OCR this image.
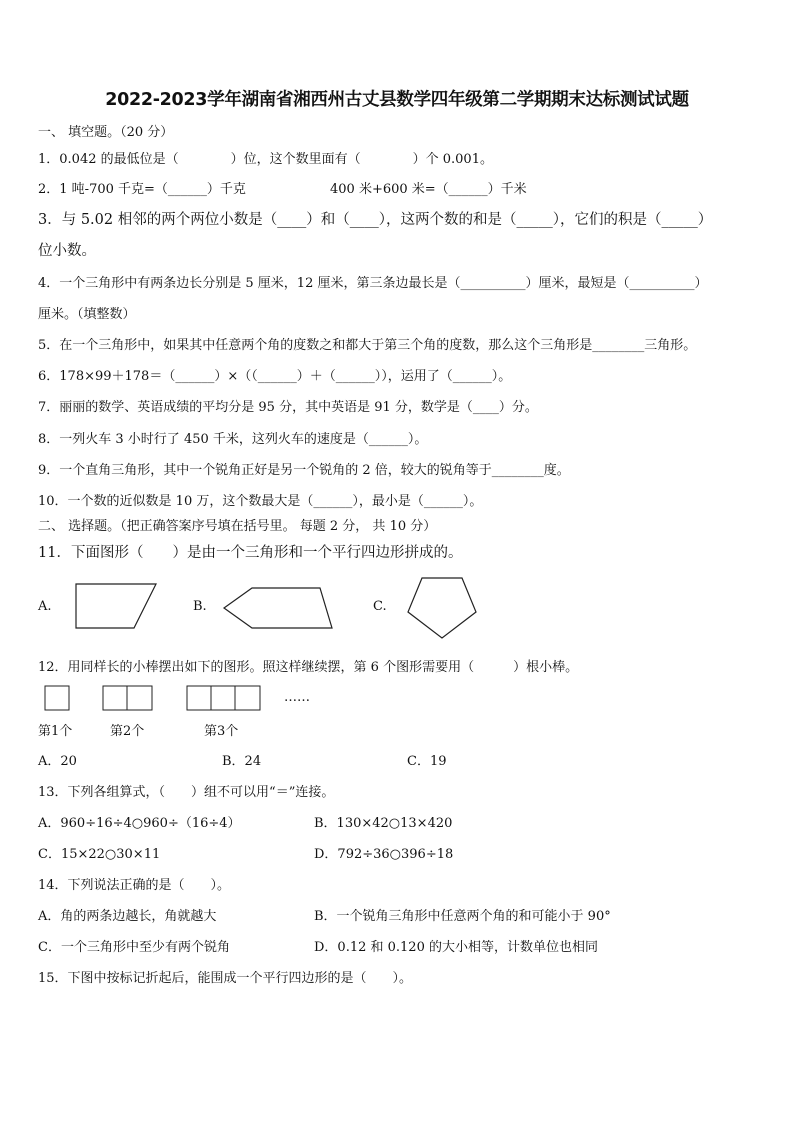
2022-2023学年湖南省湘西州古丈县数学四年级第二学期期末达标测试试题
一、 填空题。（20 分）
1．0.042 的最低位是（　　　　）位，这个数里面有（　　　　）个 0.001。
2．1 吨-700 千克=（______）千克	400 米+600 米=（______）千米
3．与 5.02 相邻的两个两位小数是（____）和（____），这两个数的和是（_____），它们的积是（_____）
位小数。
4．一个三角形中有两条边长分别是 5 厘米，12 厘米，第三条边最长是（__________）厘米，最短是（__________）
厘米。（填整数）
5．在一个三角形中，如果其中任意两个角的度数之和都大于第三个角的度数，那么这个三角形是________三角形。
6．178×99＋178＝（______）×（（______）＋（______）），运用了（______）。
7．丽丽的数学、英语成绩的平均分是 95 分，其中英语是 91 分，数学是（____）分。
8．一列火车 3 小时行了 450 千米，这列火车的速度是（______）。
9．一个直角三角形，其中一个锐角正好是另一个锐角的 2 倍，较大的锐角等于________度。
10．一个数的近似数是 10 万，这个数最大是（______），最小是（______）。
二、 选择题。（把正确答案序号填在括号里。 每题 2 分， 共 10 分）
11．下面图形（　　）是由一个三角形和一个平行四边形拼成的。
A.	B.	C.
12．用同样长的小棒摆出如下的图形。照这样继续摆，第 6 个图形需要用（　　　）根小棒。
……
第1个	第2个	第3个
A．20	B．24	C．19
13．下列各组算式，（　　）组不可以用“＝”连接。
A．960÷16÷4○960÷（16÷4）	B．130×42○13×420
C．15×22○30×11	D．792÷36○396÷18
14．下列说法正确的是（　　）。
A．角的两条边越长，角就越大	B．一个锐角三角形中任意两个角的和可能小于 90°
C．一个三角形中至少有两个锐角	D．0.12 和 0.120 的大小相等，计数单位也相同
15．下图中按标记折起后，能围成一个平行四边形的是（　　）。
